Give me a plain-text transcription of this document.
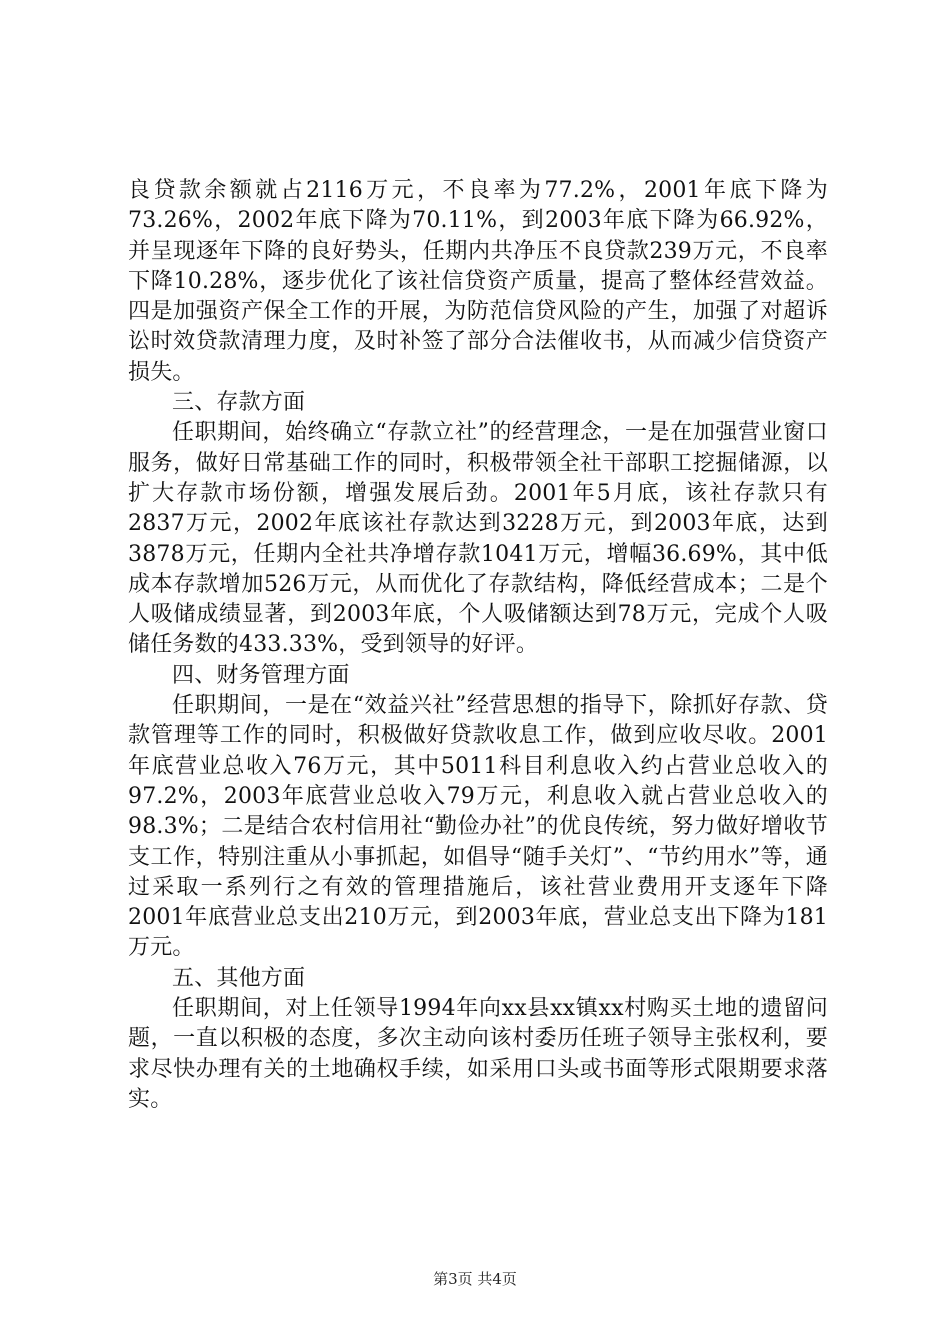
良贷款余额就占2116万元，不良率为77.2%，2001年底下降为73.26%，2002年底下降为70.11%，到2003年底下降为66.92%，并呈现逐年下降的良好势头，任期内共净压不良贷款239万元，不良率下降10.28%，逐步优化了该社信贷资产质量，提高了整体经营效益。四是加强资产保全工作的开展，为防范信贷风险的产生，加强了对超诉讼时效贷款清理力度，及时补签了部分合法催收书，从而减少信贷资产损失。

三、存款方面

任职期间，始终确立“存款立社”的经营理念，一是在加强营业窗口服务，做好日常基础工作的同时，积极带领全社干部职工挖掘储源，以扩大存款市场份额，增强发展后劲。2001年5月底，该社存款只有2837万元，2002年底该社存款达到3228万元，到2003年底，达到3878万元，任期内全社共净增存款1041万元，增幅36.69%，其中低成本存款增加526万元，从而优化了存款结构，降低经营成本；二是个人吸储成绩显著，到2003年底，个人吸储额达到78万元，完成个人吸储任务数的433.33%，受到领导的好评。

四、财务管理方面

任职期间，一是在“效益兴社”经营思想的指导下，除抓好存款、贷款管理等工作的同时，积极做好贷款收息工作，做到应收尽收。2001年底营业总收入76万元，其中5011科目利息收入约占营业总收入的97.2%，2003年底营业总收入79万元，利息收入就占营业总收入的98.3%；二是结合农村信用社“勤俭办社”的优良传统，努力做好增收节支工作，特别注重从小事抓起，如倡导“随手关灯”、“节约用水”等，通过采取一系列行之有效的管理措施后，该社营业费用开支逐年下降2001年底营业总支出210万元，到2003年底，营业总支出下降为181万元。

五、其他方面

任职期间，对上任领导1994年向xx县xx镇xx村购买土地的遗留问题，一直以积极的态度，多次主动向该村委历任班子领导主张权利，要求尽快办理有关的土地确权手续，如采用口头或书面等形式限期要求落实。

第3页 共4页
